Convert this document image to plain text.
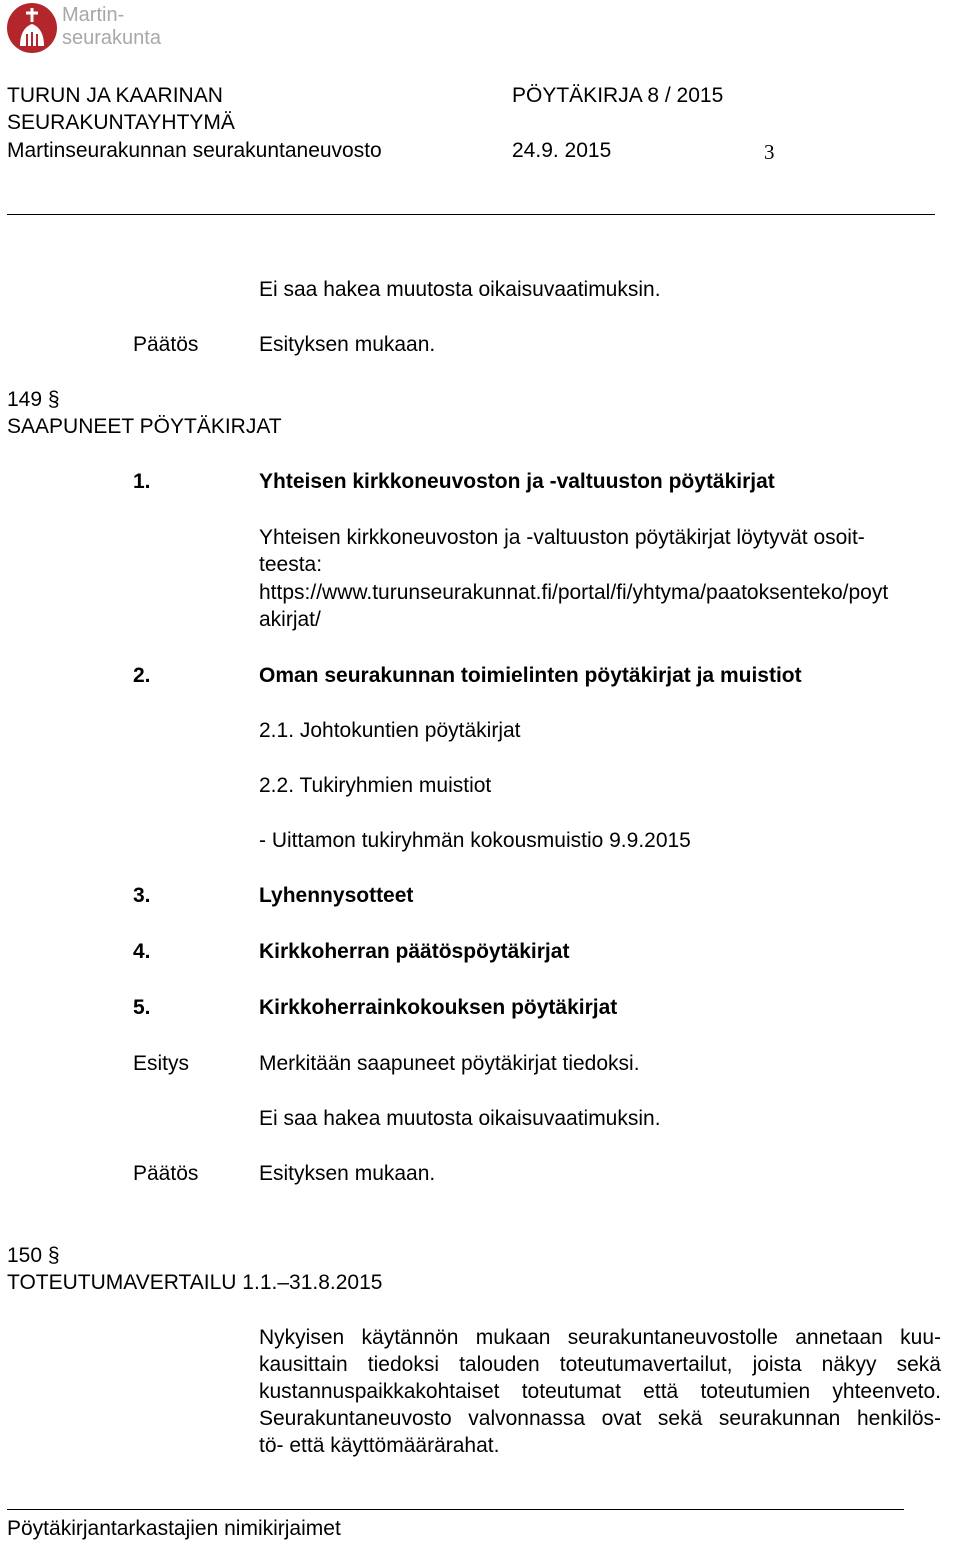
Martin-
seurakunta
TURUN JA KAARINAN	PÖYTÄKIRJA 8 / 2015
SEURAKUNTAYHTYMÄ
Martinseurakunnan seurakuntaneuvosto	24.9. 2015	3
Ei saa hakea muutosta oikaisuvaatimuksin.
Päätös	Esityksen mukaan.
149 §
SAAPUNEET PÖYTÄKIRJAT
1.	Yhteisen kirkkoneuvoston ja -valtuuston pöytäkirjat
Yhteisen kirkkoneuvoston ja -valtuuston pöytäkirjat löytyvät osoit-
teesta:
https://www.turunseurakunnat.fi/portal/fi/yhtyma/paatoksenteko/poyt
akirjat/
2.	Oman seurakunnan toimielinten pöytäkirjat ja muistiot
2.1. Johtokuntien pöytäkirjat
2.2. Tukiryhmien muistiot
- Uittamon tukiryhmän kokousmuistio 9.9.2015
3.	Lyhennysotteet
4.	Kirkkoherran päätöspöytäkirjat
5.	Kirkkoherrainkokouksen pöytäkirjat
Esitys	Merkitään saapuneet pöytäkirjat tiedoksi.
Ei saa hakea muutosta oikaisuvaatimuksin.
Päätös	Esityksen mukaan.
150 §
TOTEUTUMAVERTAILU 1.1.–31.8.2015
Nykyisen käytännön mukaan seurakuntaneuvostolle annetaan kuu-
kausittain tiedoksi talouden toteutumavertailut, joista näkyy sekä
kustannuspaikkakohtaiset toteutumat että toteutumien yhteenveto.
Seurakuntaneuvosto valvonnassa ovat sekä seurakunnan henkilös-
tö- että käyttömäärärahat.
Pöytäkirjantarkastajien nimikirjaimet
